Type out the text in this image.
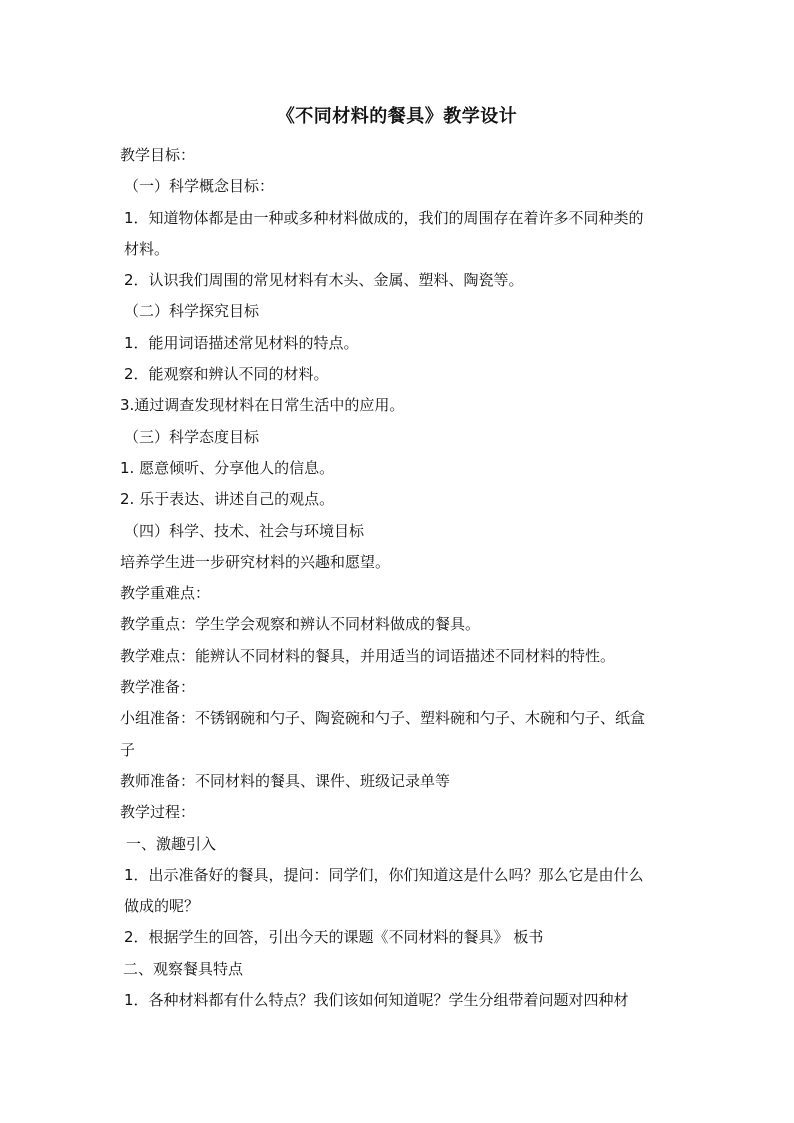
《不同材料的餐具》教学设计
教学目标：
（一）科学概念目标：
1．知道物体都是由一种或多种材料做成的，我们的周围存在着许多不同种类的
材料。
2．认识我们周围的常见材料有木头、金属、塑料、陶瓷等。
（二）科学探究目标
1．能用词语描述常见材料的特点。
2．能观察和辨认不同的材料。
3.通过调查发现材料在日常生活中的应用。
（三）科学态度目标
1. 愿意倾听、分享他人的信息。
2. 乐于表达、讲述自己的观点。
（四）科学、技术、社会与环境目标
培养学生进一步研究材料的兴趣和愿望。
教学重难点：
教学重点：学生学会观察和辨认不同材料做成的餐具。
教学难点：能辨认不同材料的餐具，并用适当的词语描述不同材料的特性。
教学准备：
小组准备：不锈钢碗和勺子、陶瓷碗和勺子、塑料碗和勺子、木碗和勺子、纸盒
子
教师准备：不同材料的餐具、课件、班级记录单等
教学过程：
一、激趣引入
1．出示准备好的餐具，提问：同学们，你们知道这是什么吗？那么它是由什么
做成的呢？
2．根据学生的回答，引出今天的课题《不同材料的餐具》 板书
二、观察餐具特点
1．各种材料都有什么特点？我们该如何知道呢？学生分组带着问题对四种材
